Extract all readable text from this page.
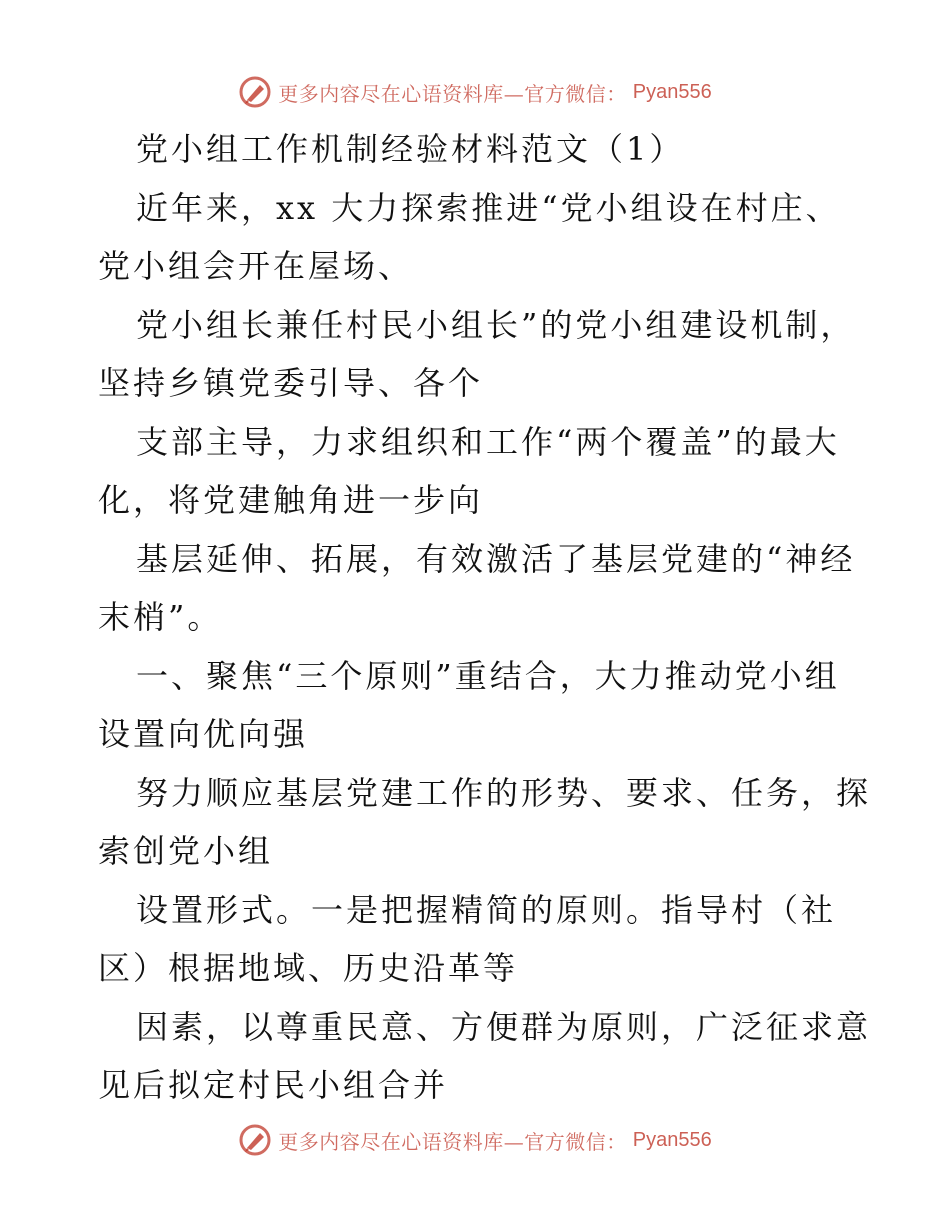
更多内容尽在心语资料库—官方微信： Pyan556
党小组工作机制经验材料范文（1）
近年来，xx 大力探索推进“党小组设在村庄、
党小组会开在屋场、
党小组长兼任村民小组长”的党小组建设机制，
坚持乡镇党委引导、各个
支部主导，力求组织和工作“两个覆盖”的最大
化，将党建触角进一步向
基层延伸、拓展，有效激活了基层党建的“神经
末梢”。
一、聚焦“三个原则”重结合，大力推动党小组
设置向优向强
努力顺应基层党建工作的形势、要求、任务，探
索创党小组
设置形式。一是把握精简的原则。指导村（社
区）根据地域、历史沿革等
因素，以尊重民意、方便群为原则，广泛征求意
见后拟定村民小组合并
更多内容尽在心语资料库—官方微信： Pyan556
